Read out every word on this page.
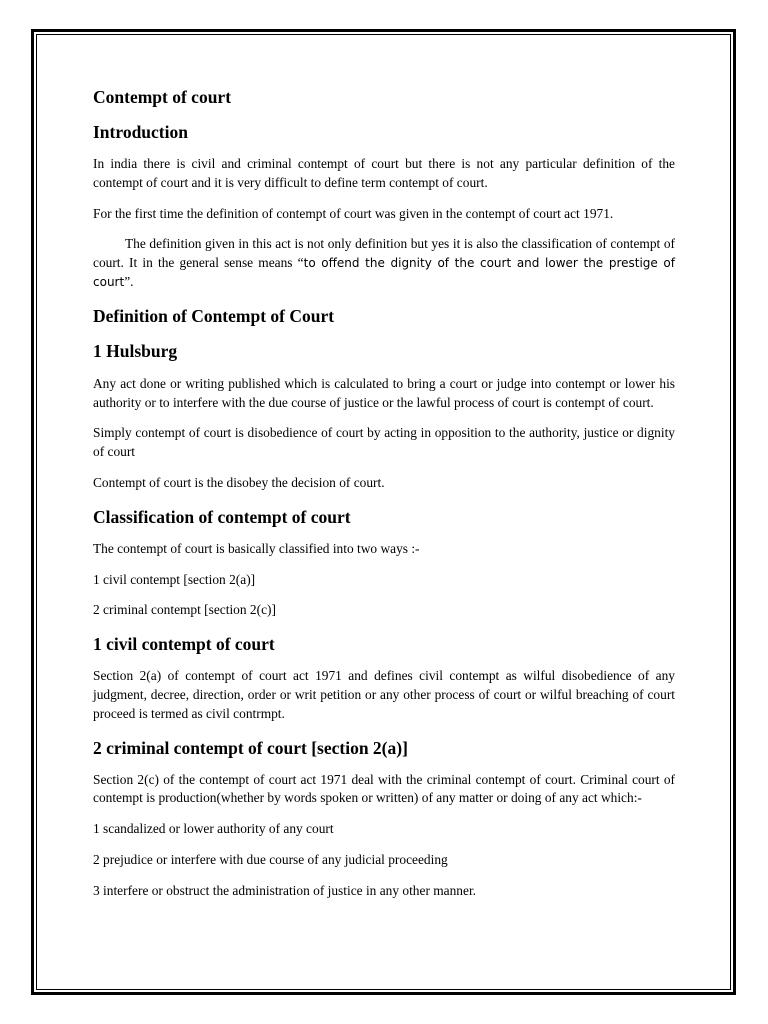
Contempt of court
Introduction

In india there is civil and criminal contempt of court but there is not any particular definition of the contempt of court and it is very difficult to define term contempt of court.

For the first time the definition of contempt of court was given in the contempt of court act 1971.

The definition given in this act is not only definition but yes it is also the classification of contempt of court. It in the general sense means “to offend the dignity of the court and lower the prestige of court”.

Definition of Contempt of Court
1 Hulsburg

Any act done or writing published which is calculated to bring a court or judge into contempt or lower his authority or to interfere with the due course of justice or the lawful process of court is contempt of court.

Simply contempt of court is disobedience of court by acting in opposition to the authority, justice or dignity of court

Contempt of court is the disobey the decision of court.

Classification of contempt of court

The contempt of court is basically classified into two ways :-

1 civil contempt [section 2(a)]

2 criminal contempt [section 2(c)]

1 civil contempt of court

Section 2(a) of contempt of court act 1971 and defines civil contempt as wilful disobedience of any judgment, decree, direction, order or writ petition or any other process of court or wilful breaching of court proceed is termed as civil contrmpt.

2 criminal contempt of court [section 2(a)]

Section 2(c) of the contempt of court act 1971 deal with the criminal contempt of court. Criminal court of contempt is production(whether by words spoken or written) of any matter or doing of any act which:-

1 scandalized or lower authority of any court

2 prejudice or interfere with due course of any judicial proceeding

3 interfere or obstruct the administration of justice in any other manner.
